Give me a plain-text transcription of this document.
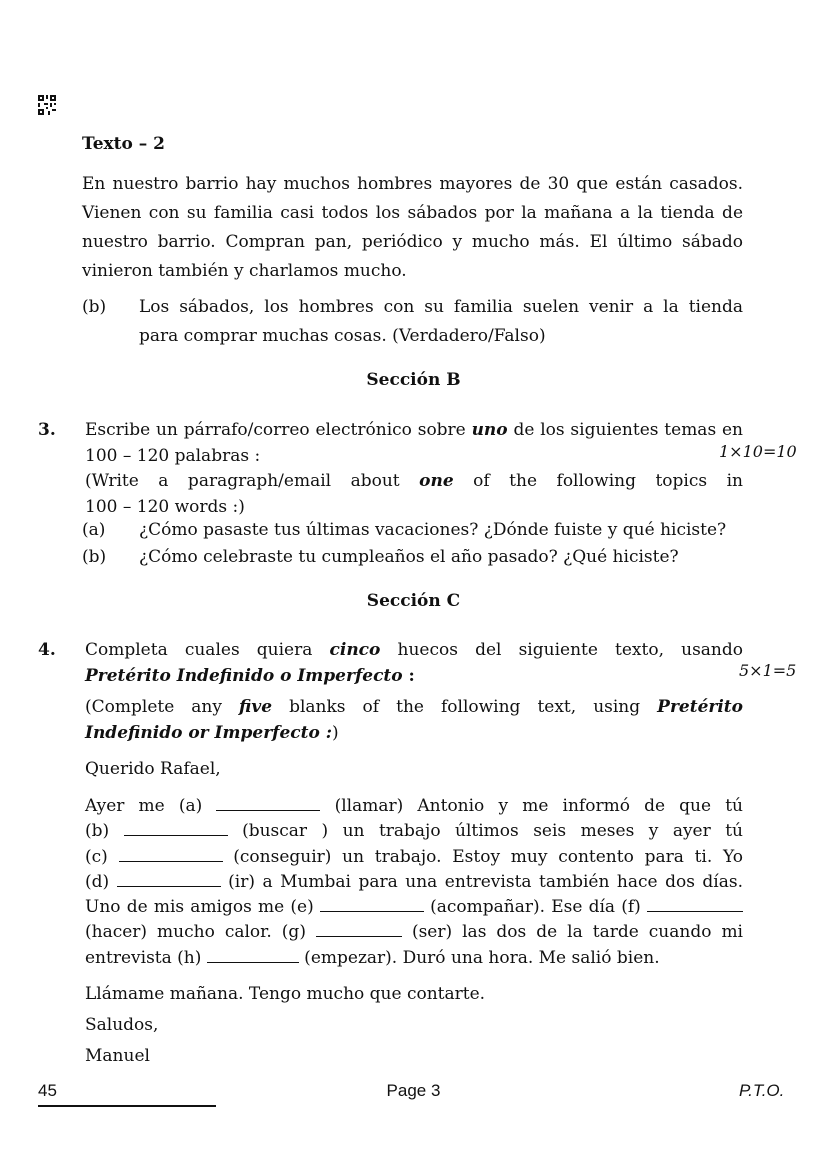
Texto – 2
En nuestro barrio hay muchos hombres mayores de 30 que están casados.
Vienen con su familia casi todos los sábados por la mañana a la tienda de
nuestro barrio. Compran pan, periódico y mucho más. El último sábado
vinieron también y charlamos mucho.
(b) Los sábados, los hombres con su familia suelen venir a la tienda
para comprar muchas cosas. (Verdadero/Falso)
Sección B
3. Escribe un párrafo/correo electrónico sobre uno de los siguientes temas en
100 – 120 palabras :	1×10=10
(Write a paragraph/email about one of the following topics in
100 – 120 words :)
(a) ¿Cómo pasaste tus últimas vacaciones? ¿Dónde fuiste y qué hiciste?
(b) ¿Cómo celebraste tu cumpleaños el año pasado? ¿Qué hiciste?
Sección C
4. Completa cuales quiera cinco huecos del siguiente texto, usando
Pretérito Indefinido o Imperfecto :	5×1=5
(Complete any five blanks of the following text, using Pretérito
Indefinido or Imperfecto :)
Querido Rafael,
Ayer me (a)	(llamar) Antonio y me informó de que tú
(b)	(buscar ) un trabajo últimos seis meses y ayer tú
(c)	(conseguir) un trabajo. Estoy muy contento para ti. Yo
(d)	(ir) a Mumbai para una entrevista también hace dos días.
Uno de mis amigos me (e)	(acompañar). Ese día (f)
(hacer) mucho calor. (g)	(ser) las dos de la tarde cuando mi
entrevista (h)	(empezar). Duró una hora. Me salió bien.
Llámame mañana. Tengo mucho que contarte.
Saludos,
Manuel
45	Page 3	P.T.O.
